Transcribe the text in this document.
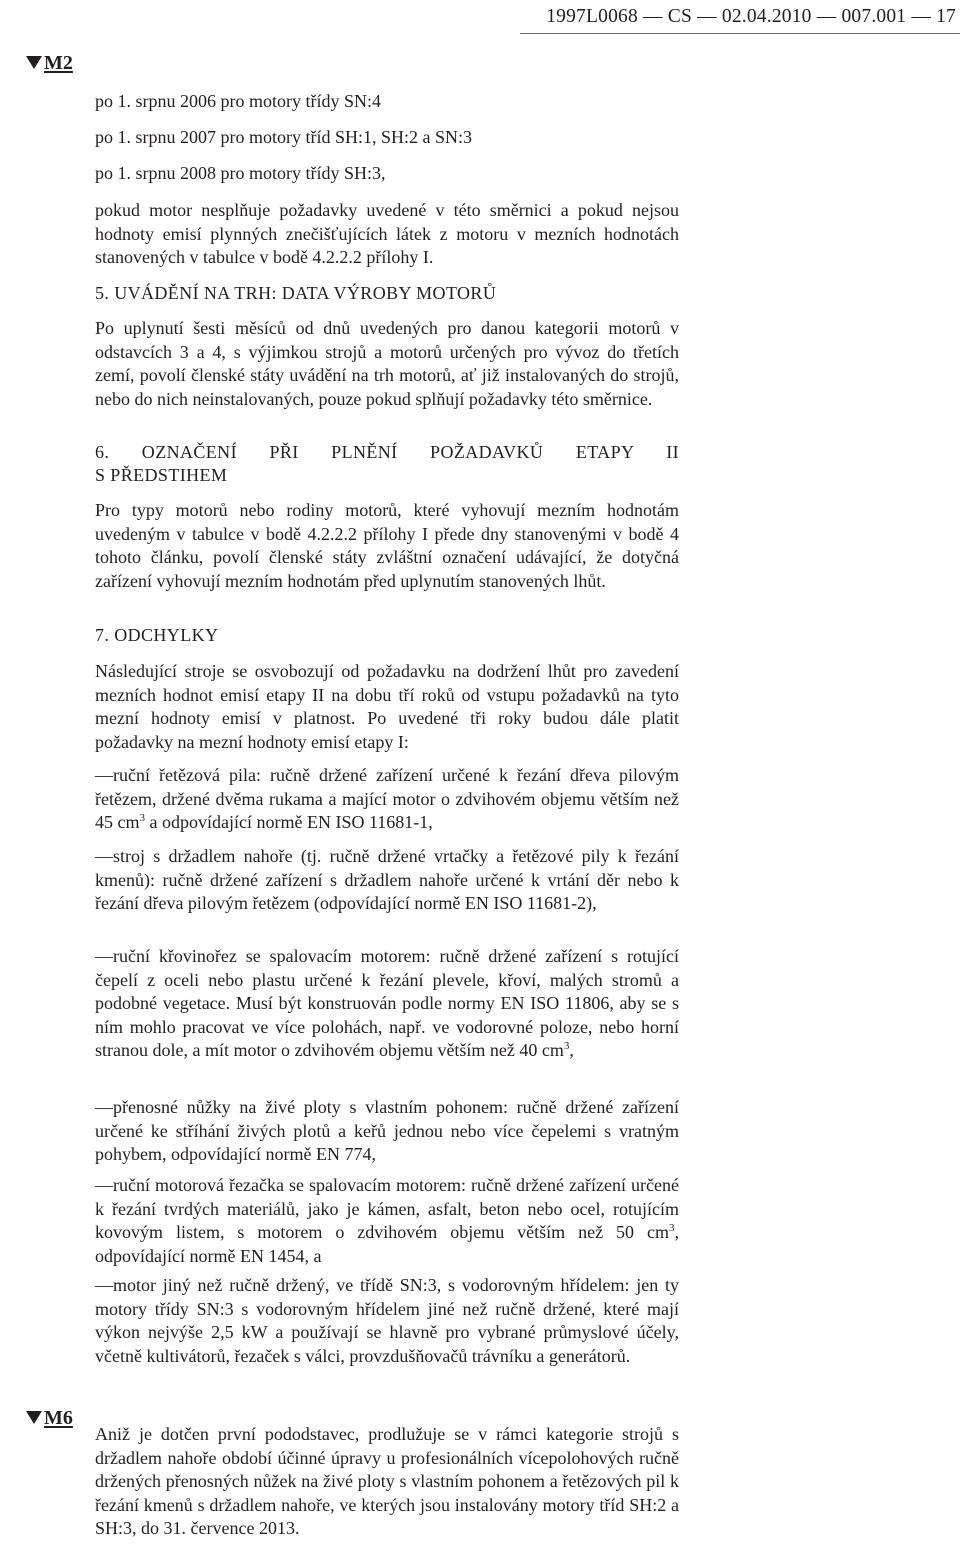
1997L0068 — CS — 02.04.2010 — 007.001 — 17
M2
M6
po 1. srpnu 2006 pro motory třídy SN:4
po 1. srpnu 2007 pro motory tříd SH:1, SH:2 a SN:3
po 1. srpnu 2008 pro motory třídy SH:3,
pokud motor nesplňuje požadavky uvedené v této směrnici a pokud nejsou hodnoty emisí plynných znečišťujících látek z motoru v mezních hodnotách stanovených v tabulce v bodě 4.2.2.2 přílohy I.
5. UVÁDĚNÍ NA TRH: DATA VÝROBY MOTORŮ
Po uplynutí šesti měsíců od dnů uvedených pro danou kategorii motorů v odstavcích 3 a 4, s výjimkou strojů a motorů určených pro vývoz do třetích zemí, povolí členské státy uvádění na trh motorů, ať již instalovaných do strojů, nebo do nich neinstalovaných, pouze pokud splňují požadavky této směrnice.
6. OZNAČENÍ PŘI PLNĚNÍ POŽADAVKŮ ETAPY II
S PŘEDSTIHEM
Pro typy motorů nebo rodiny motorů, které vyhovují mezním hodnotám uvedeným v tabulce v bodě 4.2.2.2 přílohy I přede dny stanovenými v bodě 4 tohoto článku, povolí členské státy zvláštní označení udávající, že dotyčná zařízení vyhovují mezním hodnotám před uplynutím stanovených lhůt.
7. ODCHYLKY
Následující stroje se osvobozují od požadavku na dodržení lhůt pro zavedení mezních hodnot emisí etapy II na dobu tří roků od vstupu požadavků na tyto mezní hodnoty emisí v platnost. Po uvedené tři roky budou dále platit požadavky na mezní hodnoty emisí etapy I:
—ruční řetězová pila: ručně držené zařízení určené k řezání dřeva pilovým řetězem, držené dvěma rukama a mající motor o zdvihovém objemu větším než 45 $cm^3$ a odpovídající normě EN ISO 11681-1,
—stroj s držadlem nahoře (tj. ručně držené vrtačky a řetězové pily k řezání kmenů): ručně držené zařízení s držadlem nahoře určené k vrtání děr nebo k řezání dřeva pilovým řetězem (odpovídající normě EN ISO 11681-2),
—ruční křovinořez se spalovacím motorem: ručně držené zařízení s rotující čepelí z oceli nebo plastu určené k řezání plevele, křoví, malých stromů a podobné vegetace. Musí být konstruován podle normy EN ISO 11806, aby se s ním mohlo pracovat ve více polohách, např. ve vodorovné poloze, nebo horní stranou dole, a mít motor o zdvihovém objemu větším než 40 $cm^3$,
—přenosné nůžky na živé ploty s vlastním pohonem: ručně držené zařízení určené ke stříhání živých plotů a keřů jednou nebo více čepelemi s vratným pohybem, odpovídající normě EN 774,
—ruční motorová řezačka se spalovacím motorem: ručně držené zařízení určené k řezání tvrdých materiálů, jako je kámen, asfalt, beton nebo ocel, rotujícím kovovým listem, s motorem o zdvihovém objemu větším než 50 $cm^3$, odpovídající normě EN 1454, a
—motor jiný než ručně držený, ve třídě SN:3, s vodorovným hřídelem: jen ty motory třídy SN:3 s vodorovným hřídelem jiné než ručně držené, které mají výkon nejvýše 2,5 kW a používají se hlavně pro vybrané průmyslové účely, včetně kultivátorů, řezaček s válci, provzdušňovačů trávníku a generátorů.
Aniž je dotčen první pododstavec, prodlužuje se v rámci kategorie strojů s držadlem nahoře období účinné úpravy u profesionálních vícepolohových ručně držených přenosných nůžek na živé ploty s vlastním pohonem a řetězových pil k řezání kmenů s držadlem nahoře, ve kterých jsou instalovány motory tříd SH:2 a SH:3, do 31. července 2013.
